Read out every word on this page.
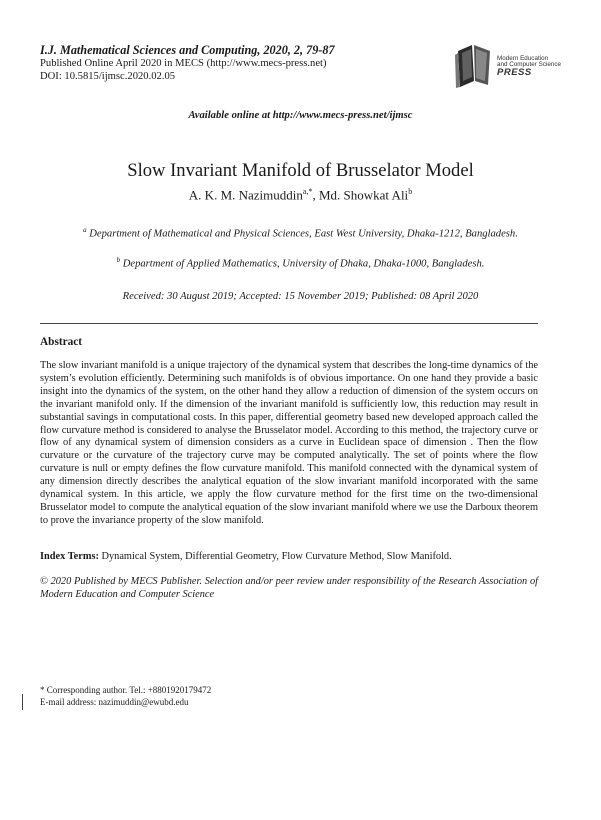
I.J. Mathematical Sciences and Computing, 2020, 2, 79-87
Published Online April 2020 in MECS (http://www.mecs-press.net)
DOI: 10.5815/ijmsc.2020.02.05
Modern Education
and Computer Science
PRESS
Available online at http://www.mecs-press.net/ijmsc
Slow Invariant Manifold of Brusselator Model
A. K. M. Nazimuddin$^{a,*}$, Md. Showkat Ali$^b$
$^a$ Department of Mathematical and Physical Sciences, East West University, Dhaka-1212, Bangladesh.
$^b$ Department of Applied Mathematics, University of Dhaka, Dhaka-1000, Bangladesh.
Received: 30 August 2019; Accepted: 15 November 2019; Published: 08 April 2020
Abstract
The slow invariant manifold is a unique trajectory of the dynamical system that describes the long-time dynamics of the system’s evolution efficiently. Determining such manifolds is of obvious importance. On one hand they provide a basic insight into the dynamics of the system, on the other hand they allow a reduction of dimension of the system occurs on the invariant manifold only. If the dimension of the invariant manifold is sufficiently low, this reduction may result in substantial savings in computational costs. In this paper, differential geometry based new developed approach called the flow curvature method is considered to analyse the Brusselator model. According to this method, the trajectory curve or flow of any dynamical system of dimension considers as a curve in Euclidean space of dimension . Then the flow curvature or the curvature of the trajectory curve may be computed analytically. The set of points where the flow curvature is null or empty defines the flow curvature manifold. This manifold connected with the dynamical system of any dimension directly describes the analytical equation of the slow invariant manifold incorporated with the same dynamical system. In this article, we apply the flow curvature method for the first time on the two-dimensional Brusselator model to compute the analytical equation of the slow invariant manifold where we use the Darboux theorem to prove the invariance property of the slow manifold.
Index Terms: Dynamical System, Differential Geometry, Flow Curvature Method, Slow Manifold.
© 2020 Published by MECS Publisher. Selection and/or peer review under responsibility of the Research Association of Modern Education and Computer Science
* Corresponding author. Tel.: +8801920179472
E-mail address: nazimuddin@ewubd.edu
